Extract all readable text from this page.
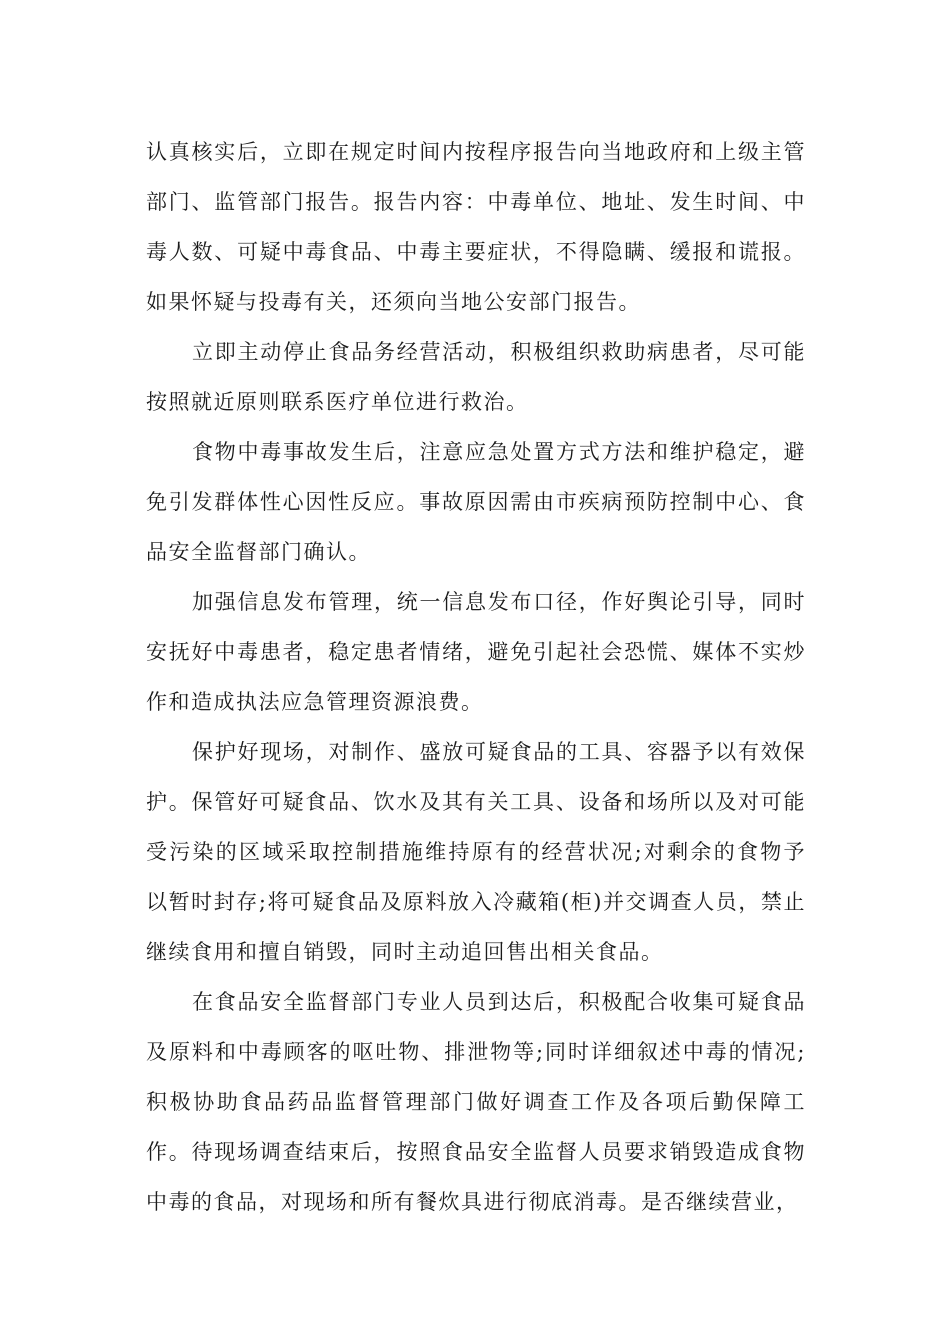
认真核实后，立即在规定时间内按程序报告向当地政府和上级主管部门、监管部门报告。报告内容：中毒单位、地址、发生时间、中毒人数、可疑中毒食品、中毒主要症状，不得隐瞒、缓报和谎报。如果怀疑与投毒有关，还须向当地公安部门报告。

立即主动停止食品务经营活动，积极组织救助病患者，尽可能按照就近原则联系医疗单位进行救治。

食物中毒事故发生后，注意应急处置方式方法和维护稳定，避免引发群体性心因性反应。事故原因需由市疾病预防控制中心、食品安全监督部门确认。

加强信息发布管理，统一信息发布口径，作好舆论引导，同时安抚好中毒患者，稳定患者情绪，避免引起社会恐慌、媒体不实炒作和造成执法应急管理资源浪费。

保护好现场，对制作、盛放可疑食品的工具、容器予以有效保护。保管好可疑食品、饮水及其有关工具、设备和场所以及对可能受污染的区域采取控制措施维持原有的经营状况;对剩余的食物予以暂时封存;将可疑食品及原料放入冷藏箱(柜)并交调查人员，禁止继续食用和擅自销毁，同时主动追回售出相关食品。

在食品安全监督部门专业人员到达后，积极配合收集可疑食品及原料和中毒顾客的呕吐物、排泄物等;同时详细叙述中毒的情况;积极协助食品药品监督管理部门做好调查工作及各项后勤保障工作。待现场调查结束后，按照食品安全监督人员要求销毁造成食物中毒的食品，对现场和所有餐炊具进行彻底消毒。是否继续营业，
